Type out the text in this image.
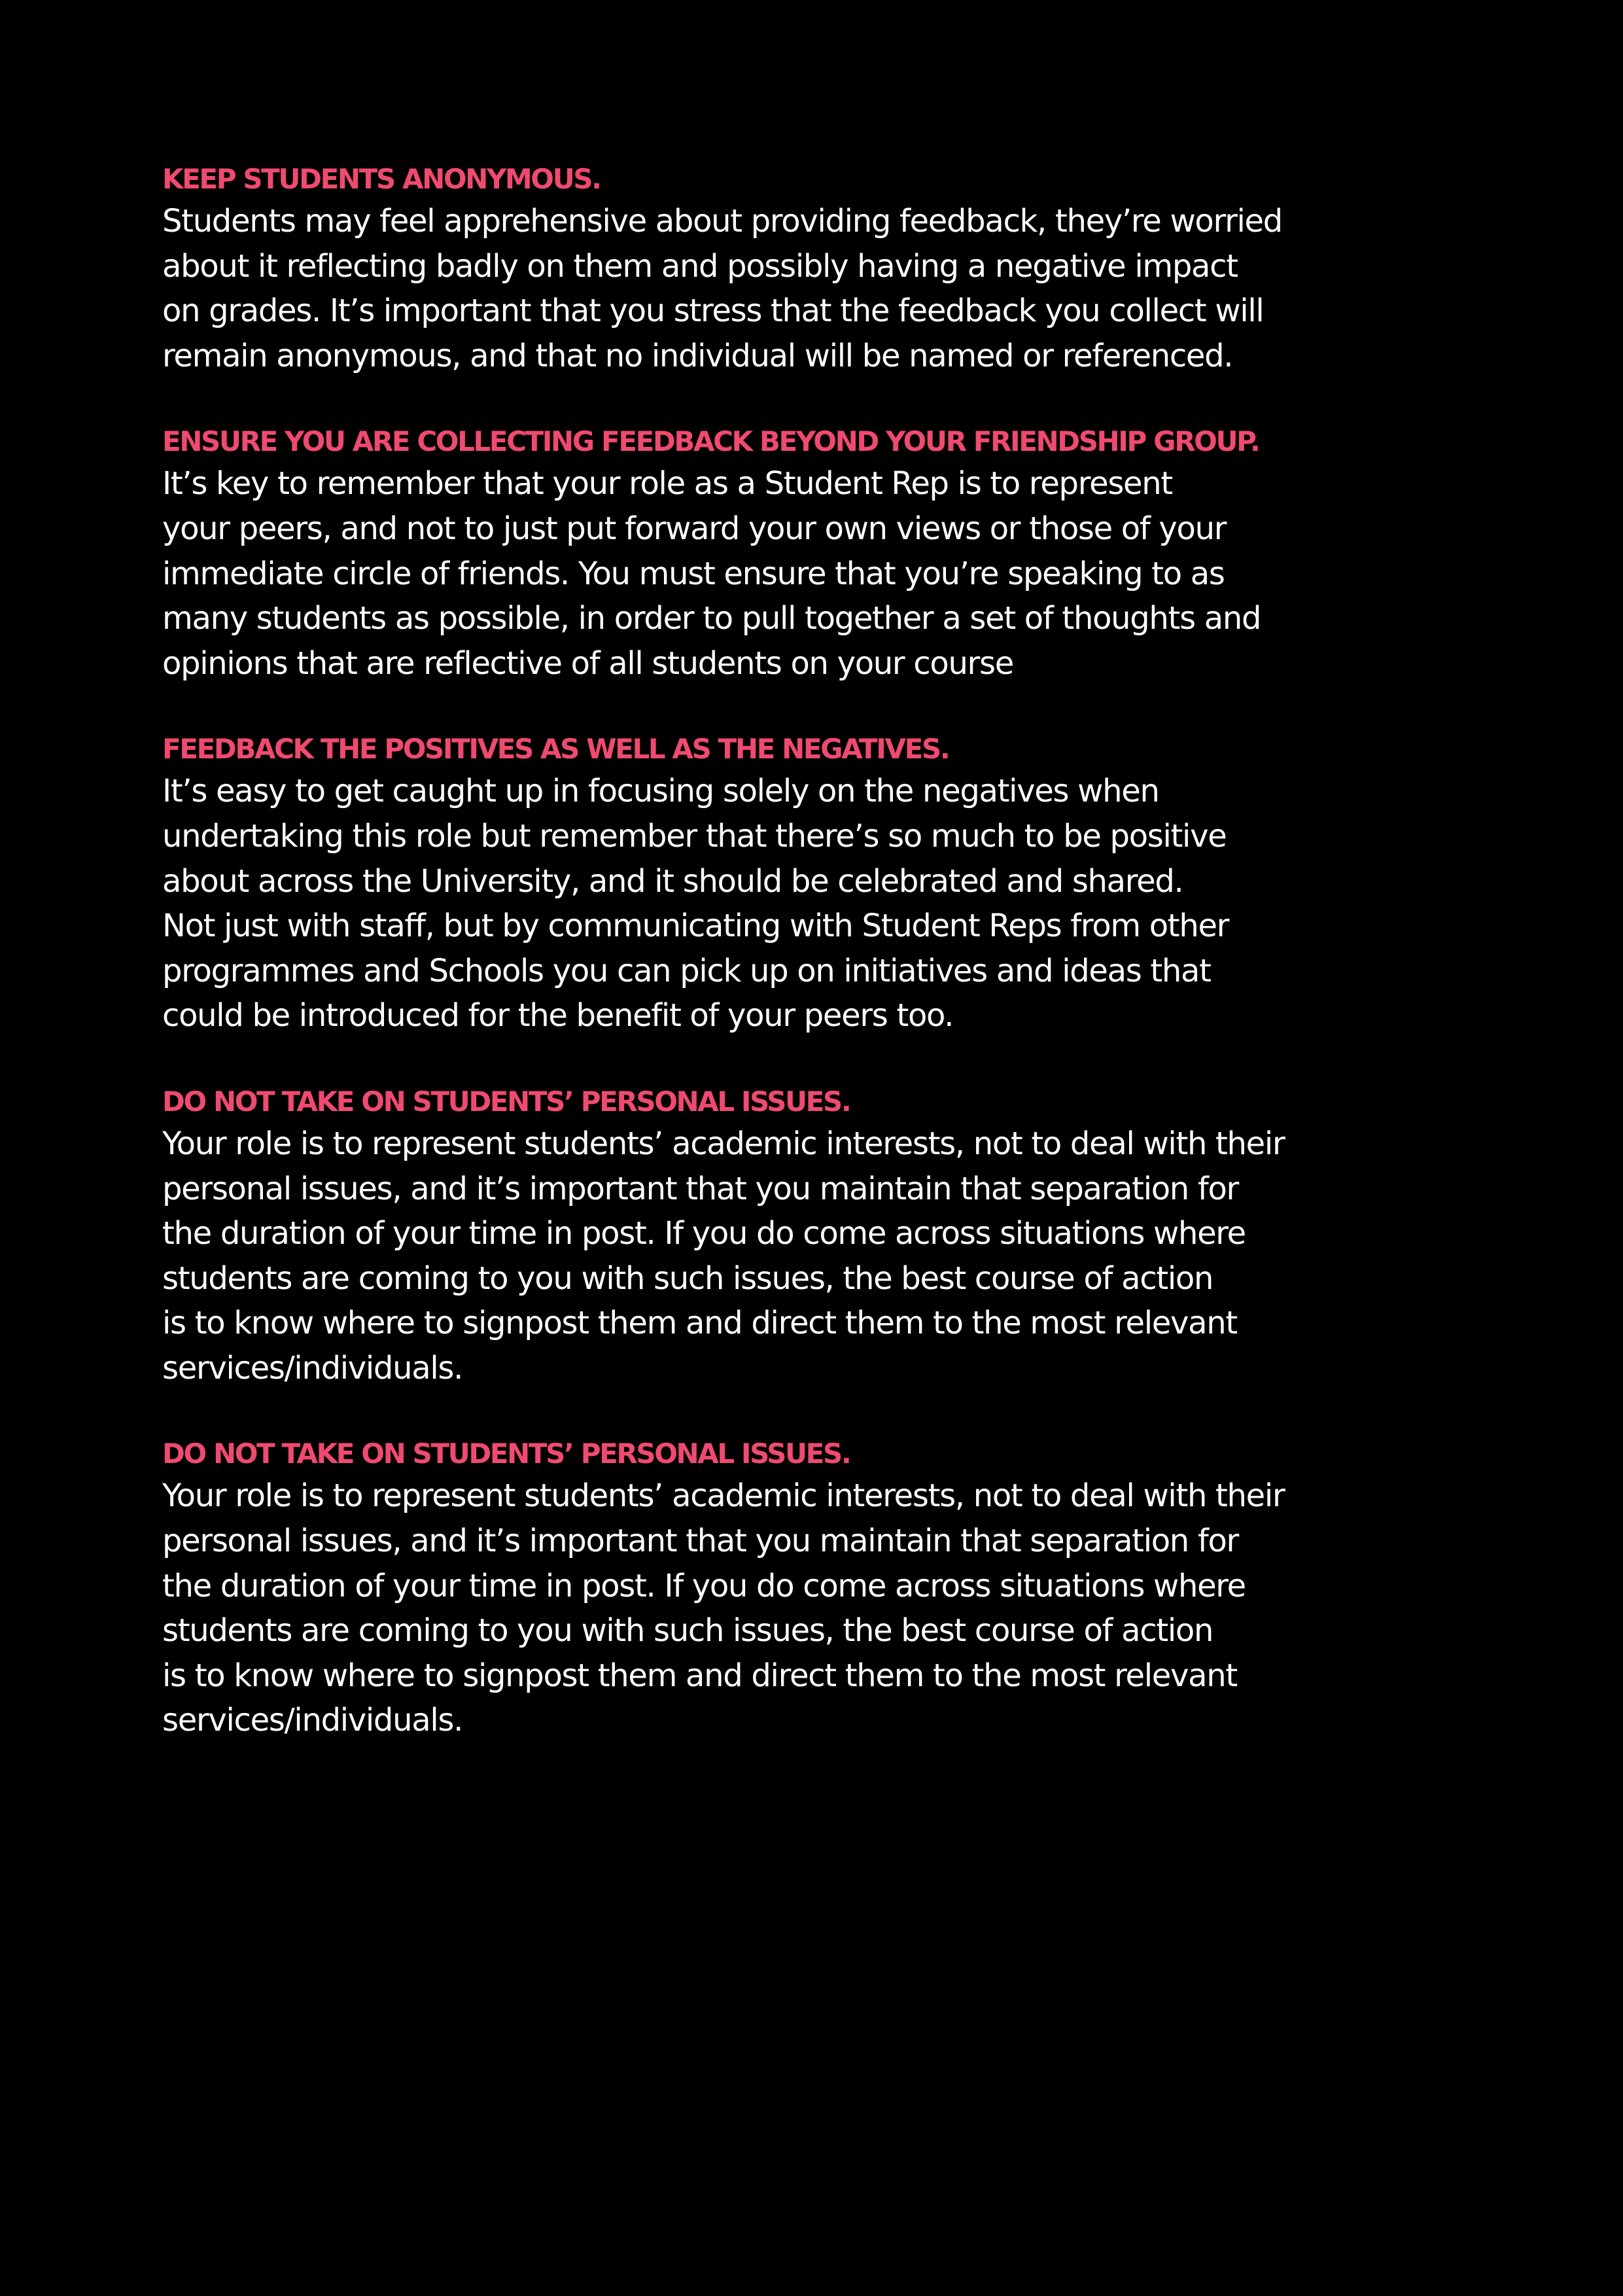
KEEP STUDENTS ANONYMOUS.

Students may feel apprehensive about providing feedback, they’re worried
about it reflecting badly on them and possibly having a negative impact
on grades. It’s important that you stress that the feedback you collect will
remain anonymous, and that no individual will be named or referenced.

ENSURE YOU ARE COLLECTING FEEDBACK BEYOND YOUR FRIENDSHIP GROUP.

It’s key to remember that your role as a Student Rep is to represent
your peers, and not to just put forward your own views or those of your
immediate circle of friends. You must ensure that you’re speaking to as
many students as possible, in order to pull together a set of thoughts and
opinions that are reflective of all students on your course

FEEDBACK THE POSITIVES AS WELL AS THE NEGATIVES.

It’s easy to get caught up in focusing solely on the negatives when
undertaking this role but remember that there’s so much to be positive
about across the University, and it should be celebrated and shared.
Not just with staff, but by communicating with Student Reps from other
programmes and Schools you can pick up on initiatives and ideas that
could be introduced for the benefit of your peers too.

DO NOT TAKE ON STUDENTS’ PERSONAL ISSUES.

Your role is to represent students’ academic interests, not to deal with their
personal issues, and it’s important that you maintain that separation for
the duration of your time in post. If you do come across situations where
students are coming to you with such issues, the best course of action
is to know where to signpost them and direct them to the most relevant
services/individuals.

DO NOT TAKE ON STUDENTS’ PERSONAL ISSUES.

Your role is to represent students’ academic interests, not to deal with their
personal issues, and it’s important that you maintain that separation for
the duration of your time in post. If you do come across situations where
students are coming to you with such issues, the best course of action
is to know where to signpost them and direct them to the most relevant
services/individuals.
